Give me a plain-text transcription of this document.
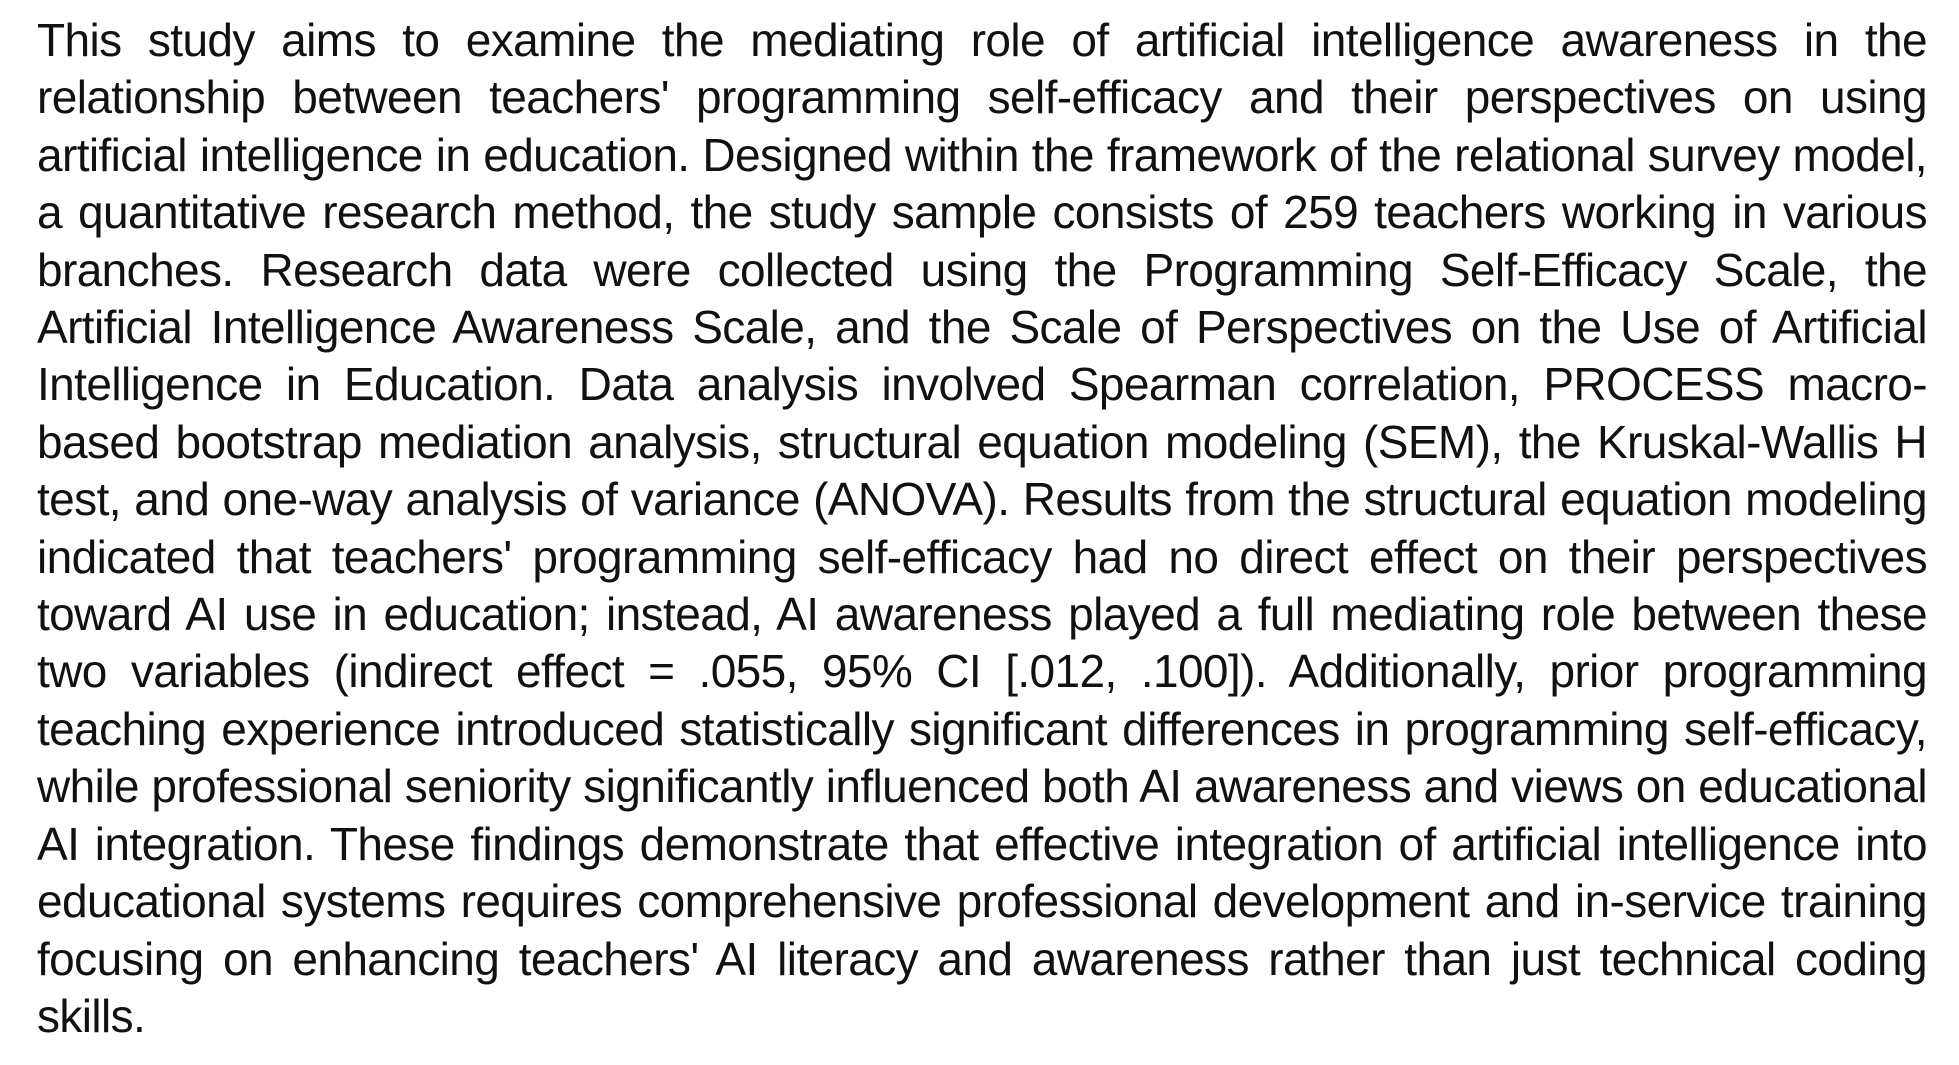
This study aims to examine the mediating role of artificial intelligence awareness in the relationship between teachers' programming self-efficacy and their perspectives on using artificial intelligence in education. Designed within the framework of the relational survey model, a quantitative research method, the study sample consists of 259 teachers working in various branches. Research data were collected using the Programming Self-Efficacy Scale, the Artificial Intelligence Awareness Scale, and the Scale of Perspectives on the Use of Artificial Intelligence in Education. Data analysis involved Spearman correlation, PROCESS macro-based bootstrap mediation analysis, structural equation modeling (SEM), the Kruskal-Wallis H test, and one-way analysis of variance (ANOVA). Results from the structural equation modeling indicated that teachers' programming self-efficacy had no direct effect on their perspectives toward AI use in education; instead, AI awareness played a full mediating role between these two variables (indirect effect = .055, 95% CI [.012, .100]). Additionally, prior programming teaching experience introduced statistically significant differences in programming self-efficacy, while professional seniority significantly influenced both AI awareness and views on educational AI integration. These findings demonstrate that effective integration of artificial intelligence into educational systems requires comprehensive professional development and in-service training focusing on enhancing teachers' AI literacy and awareness rather than just technical coding skills.
